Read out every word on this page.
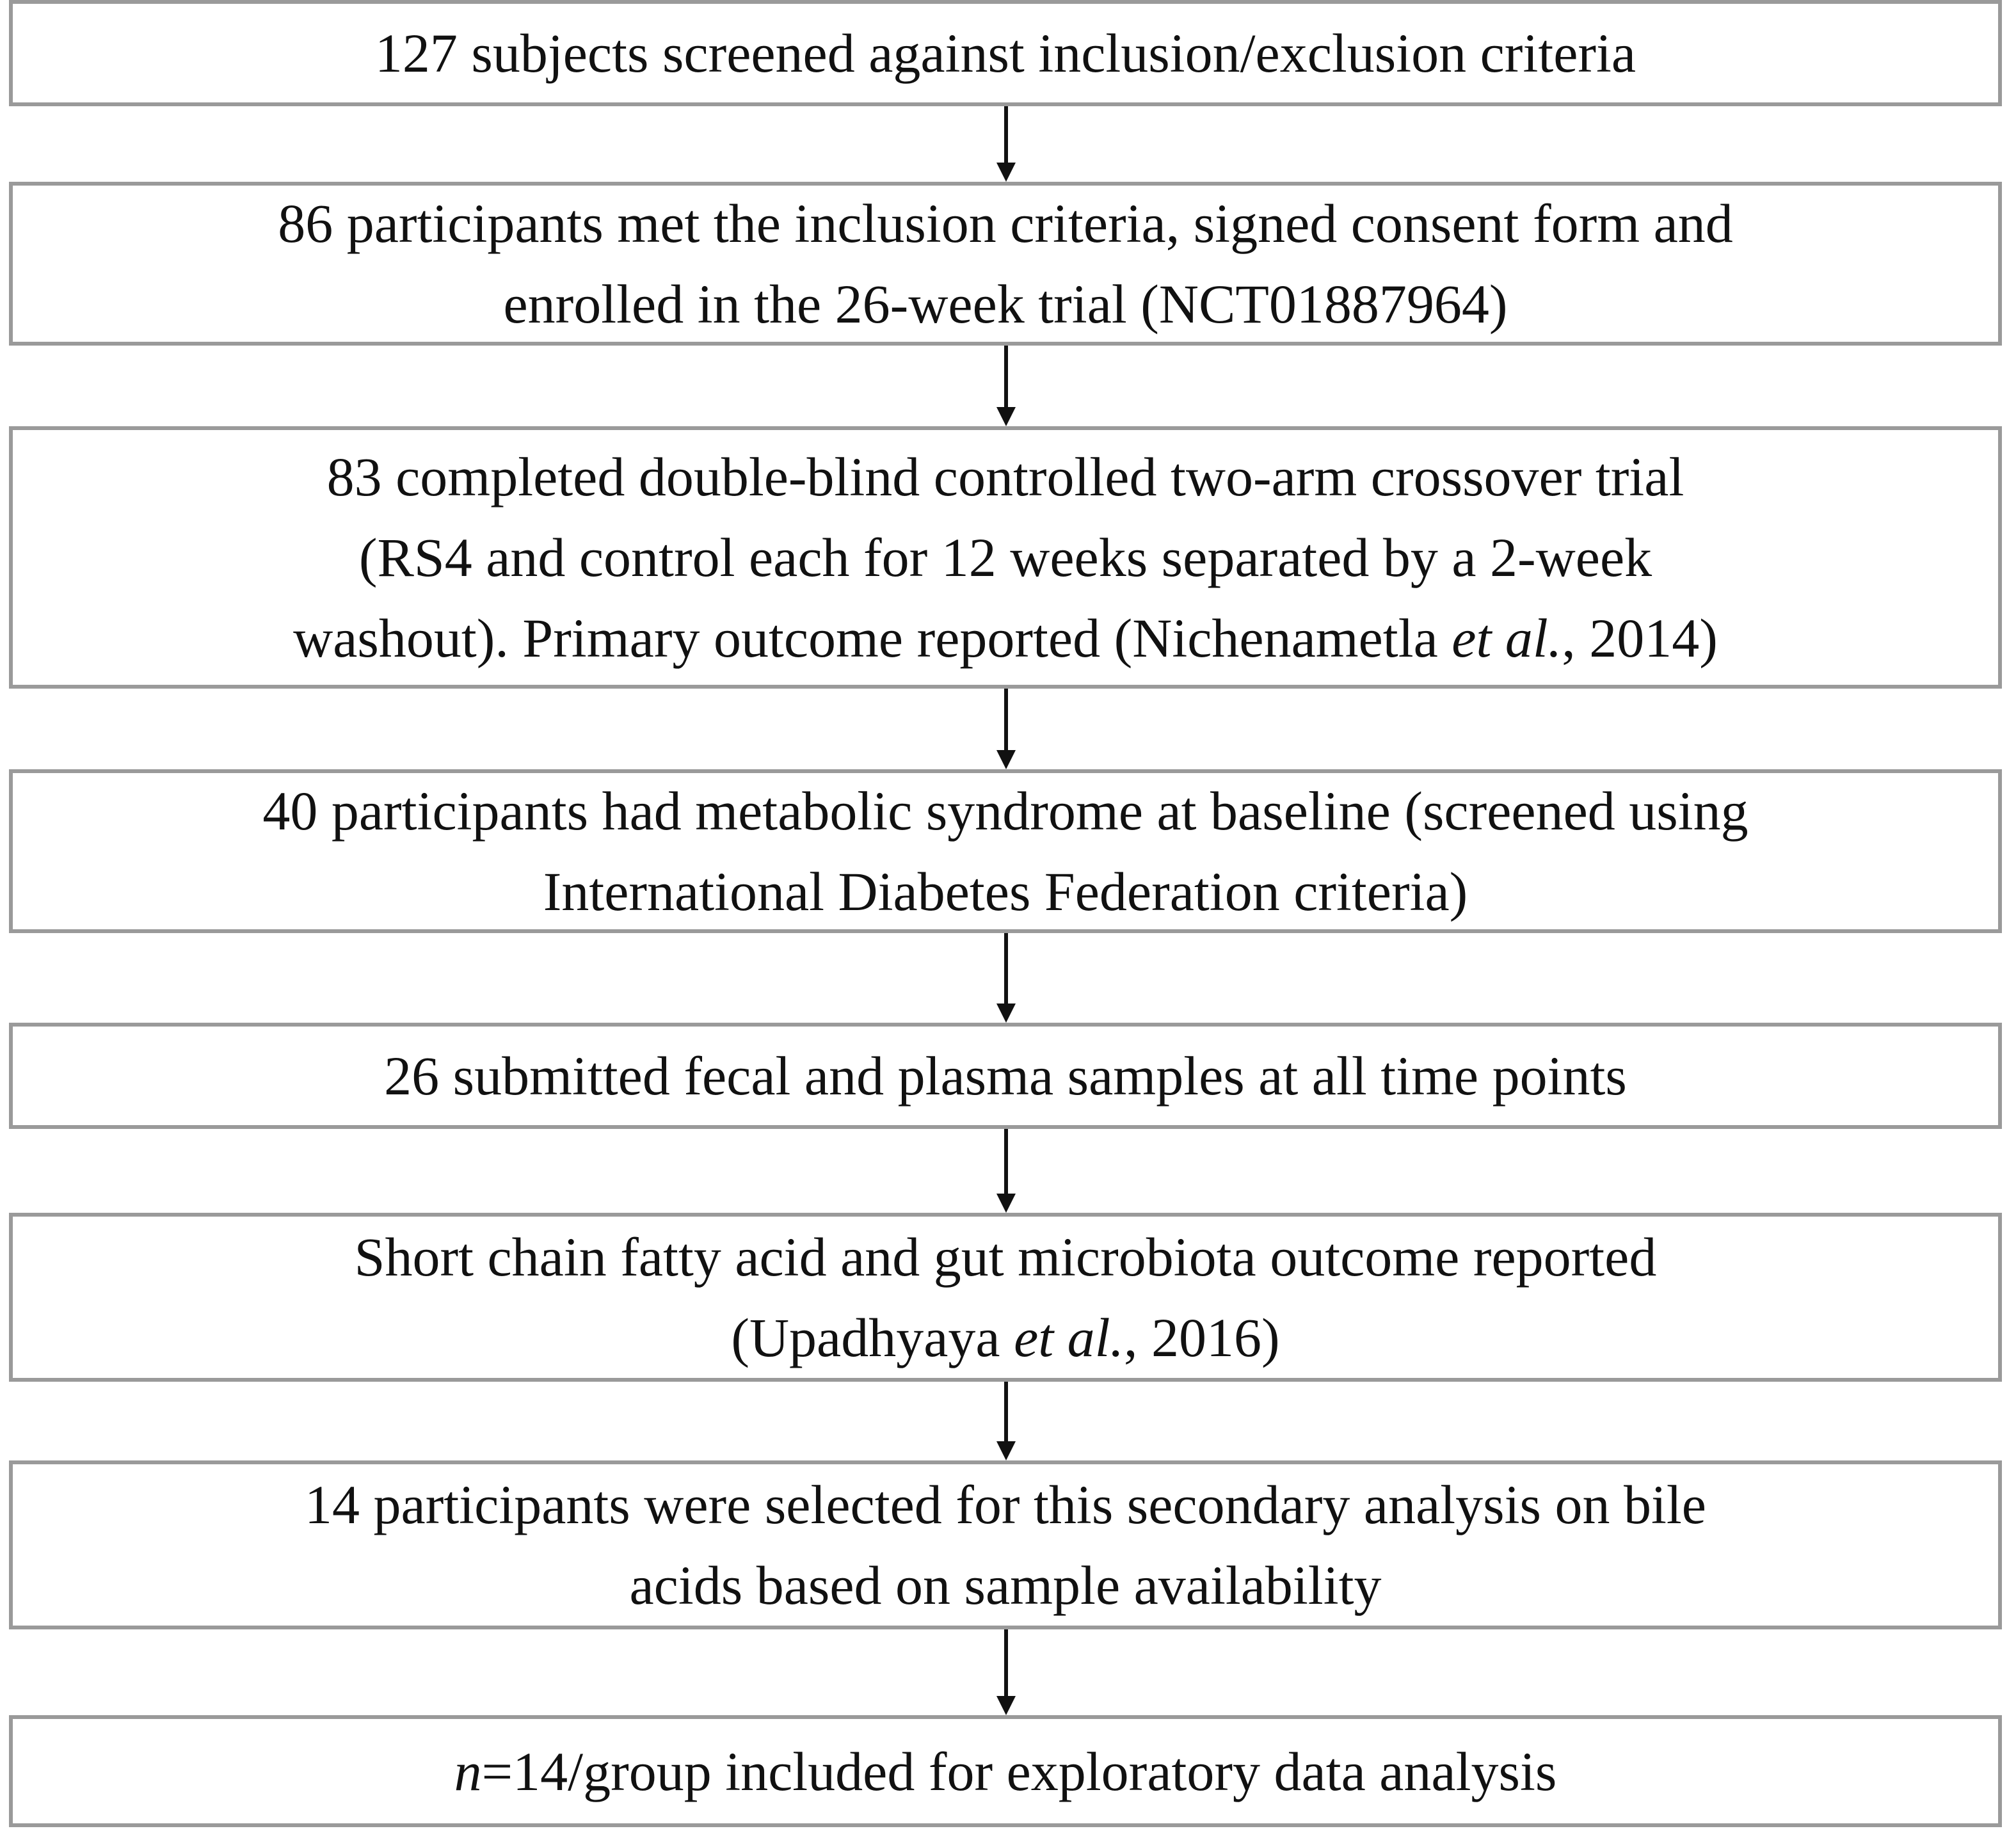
127 subjects screened against inclusion/exclusion criteria
86 participants met the inclusion criteria, signed consent form and
enrolled in the 26-week trial (NCT01887964)
83 completed double-blind controlled two-arm crossover trial
(RS4 and control each for 12 weeks separated by a 2-week
washout). Primary outcome reported (Nichenametla et al., 2014)
40 participants had metabolic syndrome at baseline (screened using
International Diabetes Federation criteria)
26 submitted fecal and plasma samples at all time points
Short chain fatty acid and gut microbiota outcome reported
(Upadhyaya et al., 2016)
14 participants were selected for this secondary analysis on bile
acids based on sample availability
n=14/group included for exploratory data analysis
